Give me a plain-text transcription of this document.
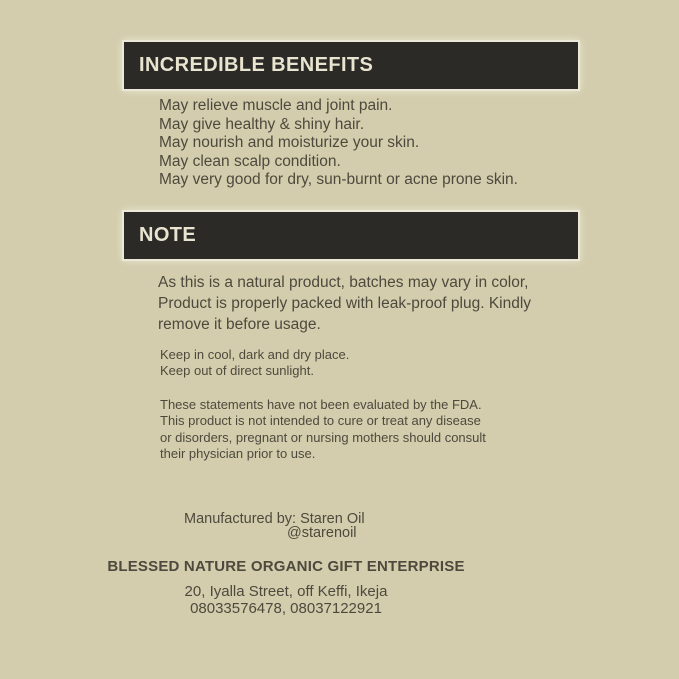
INCREDIBLE BENEFITS
May relieve muscle and joint pain.
May give healthy & shiny hair.
May nourish and moisturize your skin.
May clean scalp condition.
May very good for dry, sun-burnt or acne prone skin.
NOTE
As this is a natural product, batches may vary in color,
Product is properly packed with leak-proof plug. Kindly
remove it before usage.
Keep in cool, dark and dry place.
Keep out of direct sunlight.
These statements have not been evaluated by the FDA.
This product is not intended to cure or treat any disease
or disorders, pregnant or nursing mothers should consult
their physician prior to use.
Manufactured by: Staren Oil
@starenoil
BLESSED NATURE ORGANIC GIFT ENTERPRISE
20, Iyalla Street, off Keffi, Ikeja
08033576478, 08037122921
